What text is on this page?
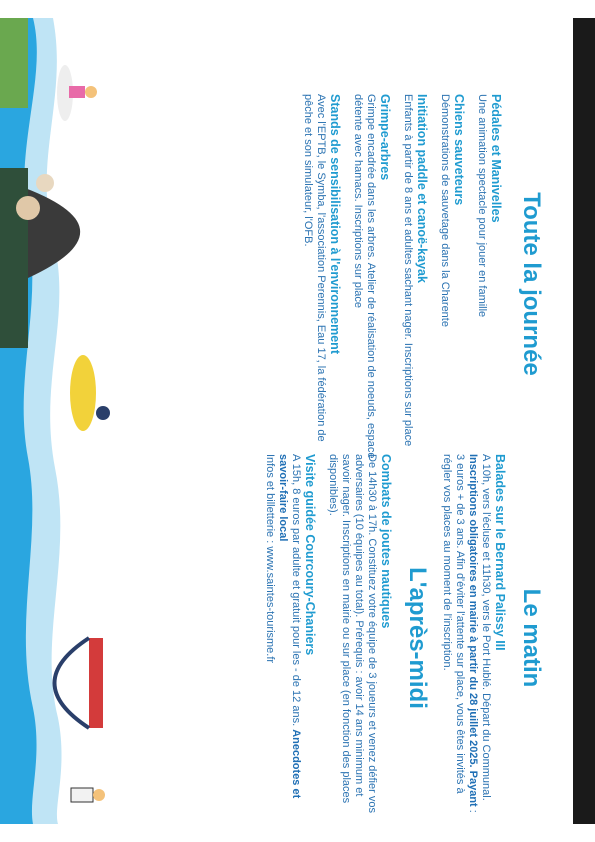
Toute la journée
Pédales et Manivelles
Une animation spectacle pour jouer en famille
Chiens sauveteurs
Démonstrations de sauvetage dans la Charente
Initiation paddle et canoë-kayak
Enfants à partir de 8 ans et adultes sachant nager. Inscriptions sur place
Grimpe-arbres
Grimpe encadrée dans les arbres. Atelier de réalisation de noeuds, espace détente avec hamacs. Inscriptions sur place
Stands de sensibilisation à l'environnement
Avec l'EPTB, le Symba, l'association Perennis, Eau 17, la fédération de pêche et son simulateur, l'OFB.
Le matin
Balades sur le Bernard Palissy III
A 10h, vers l'écluse et 11h30, vers le Port Hublé. Départ du Communal. Inscriptions obligatoires en mairie à partir du 28 juillet 2025. Payant : 3 euros + de 3 ans. Afin d'éviter l'attente sur place, vous êtes invités à régler vos places au moment de l'inscription.
L'après-midi
Combats de joutes nautiques
De 14h30 à 17h. Constituez votre équipe de 3 joueurs et venez défier vos adversaires (10 équipes au total). Prérequis : avoir 14 ans minimum et savoir nager. Inscriptions en mairie ou sur place (en fonction des places disponibles).
Visite guidée Courcoury-Chaniers
A 15h, 8 euros par adulte et gratuit pour les - de 12 ans. Anecdotes et savoir-faire local
Infos et billetterie : www.saintes-tourisme.fr
